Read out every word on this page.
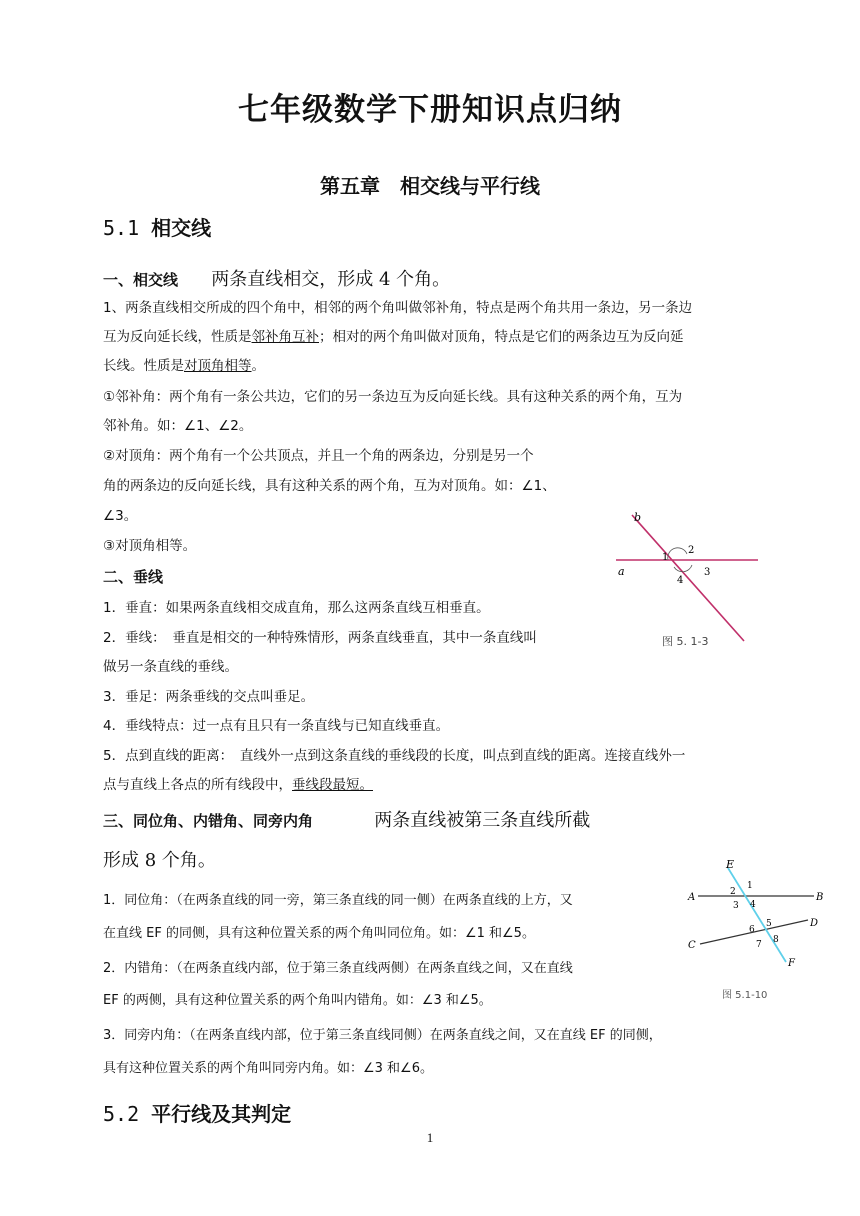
七年级数学下册知识点归纳
第五章　相交线与平行线
5.1 相交线
一、相交线 两条直线相交，形成 4 个角。
1、两条直线相交所成的四个角中，相邻的两个角叫做邻补角，特点是两个角共用一条边，另一条边
互为反向延长线，性质是邻补角互补；相对的两个角叫做对顶角，特点是它们的两条边互为反向延
长线。性质是对顶角相等。
①邻补角：两个角有一条公共边，它们的另一条边互为反向延长线。具有这种关系的两个角，互为
邻补角。如：∠1、∠2。
②对顶角：两个角有一个公共顶点，并且一个角的两条边，分别是另一个
角的两条边的反向延长线，具有这种关系的两个角，互为对顶角。如：∠1、
∠3。
③对顶角相等。
b
a
1
2
3
4
图 5. 1-3
二、垂线
1．垂直：如果两条直线相交成直角，那么这两条直线互相垂直。
2．垂线：　垂直是相交的一种特殊情形，两条直线垂直，其中一条直线叫
做另一条直线的垂线。
3．垂足：两条垂线的交点叫垂足。
4．垂线特点：过一点有且只有一条直线与已知直线垂直。
5．点到直线的距离：　直线外一点到这条直线的垂线段的长度，叫点到直线的距离。连接直线外一
点与直线上各点的所有线段中，垂线段最短。
三、同位角、内错角、同旁内角	两条直线被第三条直线所截
形成 8 个角。
1．同位角：（在两条直线的同一旁，第三条直线的同一侧）在两条直线的上方，又
在直线 EF 的同侧，具有这种位置关系的两个角叫同位角。如：∠1 和∠5。
2．内错角：（在两条直线内部，位于第三条直线两侧）在两条直线之间，又在直线
EF 的两侧，具有这种位置关系的两个角叫内错角。如：∠3 和∠5。
3．同旁内角：（在两条直线内部，位于第三条直线同侧）在两条直线之间，又在直线 EF 的同侧，
具有这种位置关系的两个角叫同旁内角。如：∠3 和∠6。
E
A	B
C
D
F
1
2
3 4
5
6
7 8
图 5.1-10
5.2 平行线及其判定
1
